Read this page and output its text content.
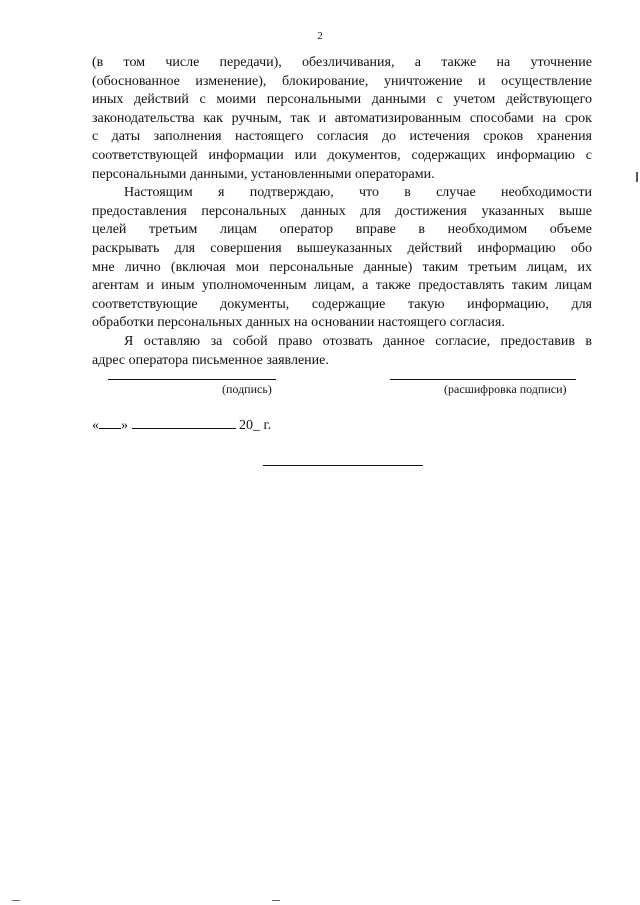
2
(в том числе передачи), обезличивания, а также на уточнение
(обоснованное изменение), блокирование, уничтожение и осуществление
иных действий с моими персональными данными с учетом действующего
законодательства как ручным, так и автоматизированным способами на срок
с даты заполнения настоящего согласия до истечения сроков хранения
соответствующей информации или документов, содержащих информацию с
персональными данными, установленными операторами.
Настоящим я подтверждаю, что в случае необходимости
предоставления персональных данных для достижения указанных выше
целей третьим лицам оператор вправе в необходимом объеме
раскрывать для совершения вышеуказанных действий информацию обо
мне лично (включая мои персональные данные) таким третьим лицам, их
агентам и иным уполномоченным лицам, а также предоставлять таким лицам
соответствующие документы, содержащие такую информацию, для
обработки персональных данных на основании настоящего согласия.
Я оставляю за собой право отозвать данное согласие, предоставив в
адрес оператора письменное заявление.
(подпись)	(расшифровка подписи)
« »	20_ г.
